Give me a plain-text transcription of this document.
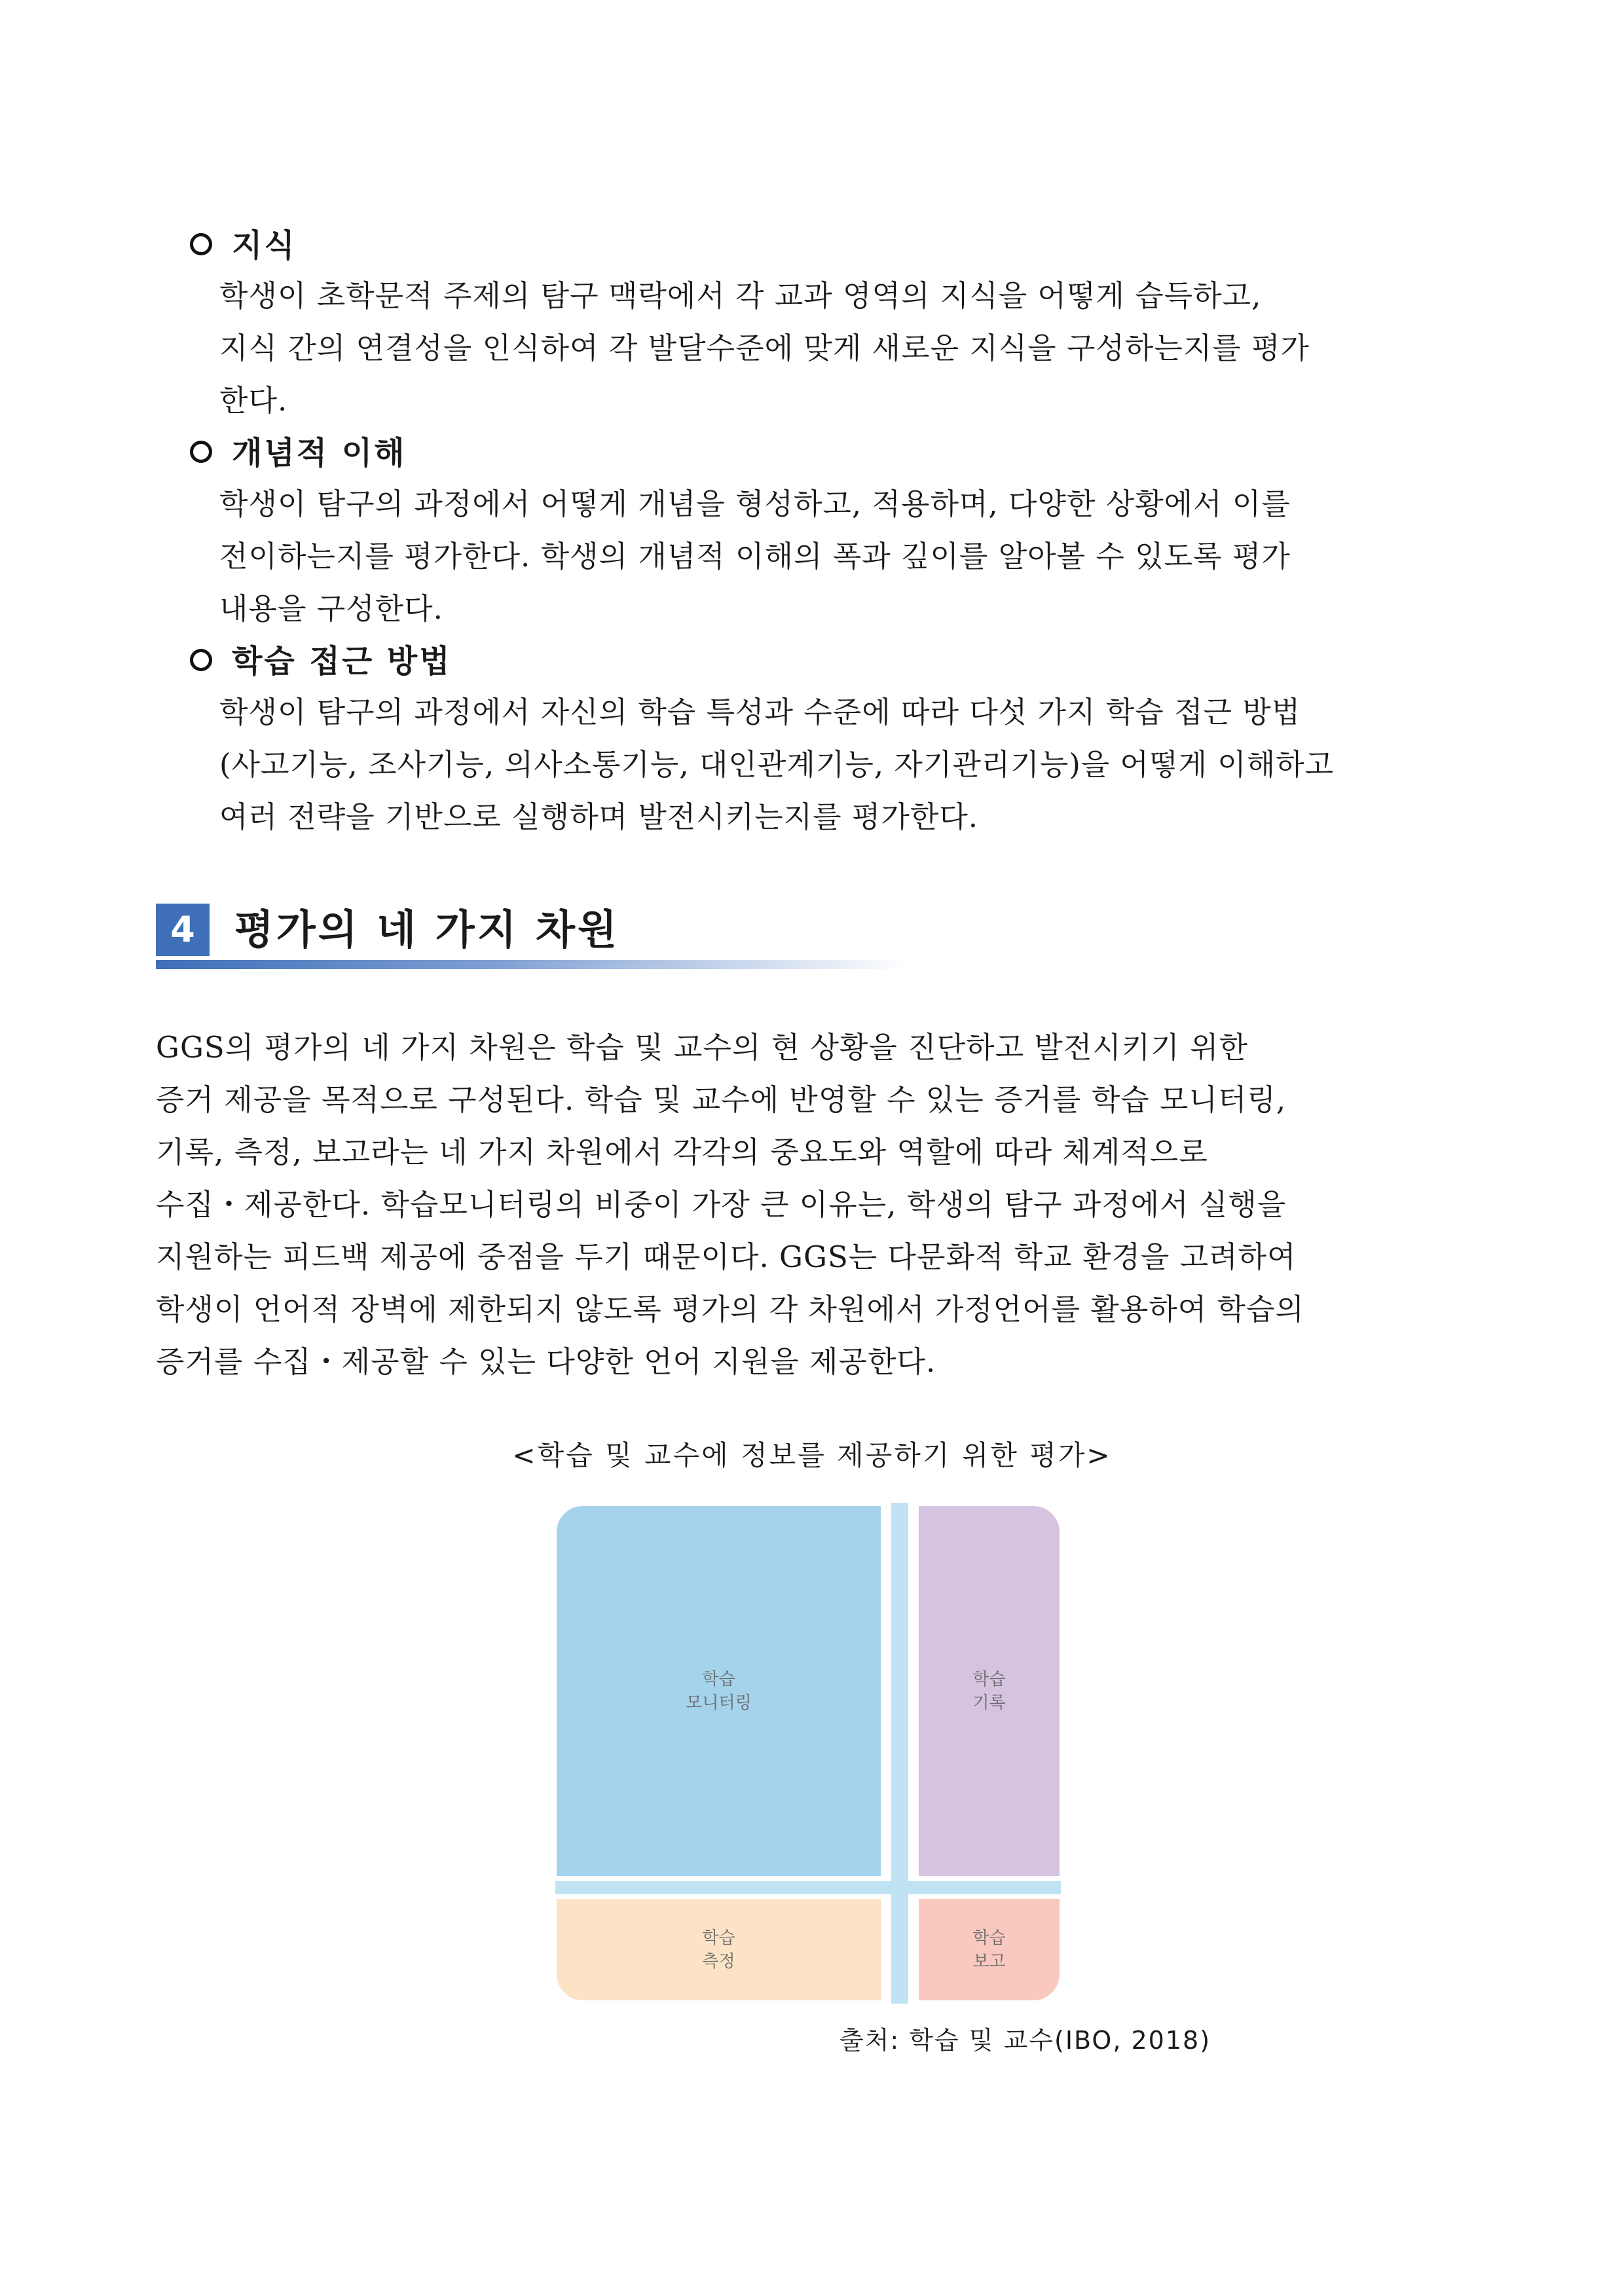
지식
학생이 초학문적 주제의 탐구 맥락에서 각 교과 영역의 지식을 어떻게 습득하고,
지식 간의 연결성을 인식하여 각 발달수준에 맞게 새로운 지식을 구성하는지를 평가
한다.
개념적 이해
학생이 탐구의 과정에서 어떻게 개념을 형성하고, 적용하며, 다양한 상황에서 이를
전이하는지를 평가한다. 학생의 개념적 이해의 폭과 깊이를 알아볼 수 있도록 평가
내용을 구성한다.
학습 접근 방법
학생이 탐구의 과정에서 자신의 학습 특성과 수준에 따라 다섯 가지 학습 접근 방법
(사고기능, 조사기능, 의사소통기능, 대인관계기능, 자기관리기능)을 어떻게 이해하고
여러 전략을 기반으로 실행하며 발전시키는지를 평가한다.
4 평가의 네 가지 차원
GGS의 평가의 네 가지 차원은 학습 및 교수의 현 상황을 진단하고 발전시키기 위한
증거 제공을 목적으로 구성된다. 학습 및 교수에 반영할 수 있는 증거를 학습 모니터링,
기록, 측정, 보고라는 네 가지 차원에서 각각의 중요도와 역할에 따라 체계적으로
수집・제공한다. 학습모니터링의 비중이 가장 큰 이유는, 학생의 탐구 과정에서 실행을
지원하는 피드백 제공에 중점을 두기 때문이다. GGS는 다문화적 학교 환경을 고려하여
학생이 언어적 장벽에 제한되지 않도록 평가의 각 차원에서 가정언어를 활용하여 학습의
증거를 수집・제공할 수 있는 다양한 언어 지원을 제공한다.
<학습 및 교수에 정보를 제공하기 위한 평가>
학습
모니터링
학습
기록
학습
측정
학습
보고
출처: 학습 및 교수(IBO, 2018)
